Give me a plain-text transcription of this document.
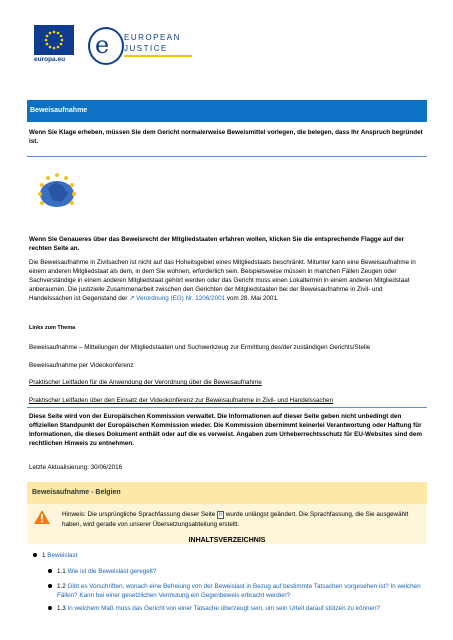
europa.eu
e EUROPEAN
JUSTICE
Beweisaufnahme
Wenn Sie Klage erheben, müssen Sie dem Gericht normalerweise Beweismittel vorlegen, die belegen, dass Ihr Anspruch begründet ist.
Wenn Sie Genaueres über das Beweisrecht der Mitgliedstaaten erfahren wollen, klicken Sie die entsprechende Flagge auf der rechten Seite an.
Die Beweisaufnahme in Zivilsachen ist nicht auf das Hoheitsgebiet eines Mitgliedstaats beschränkt. Mitunter kann eine Beweisaufnahme in einem anderen Mitgliedstaat als dem, in dem Sie wohnen, erforderlich sein. Beispielsweise müssen in manchen Fällen Zeugen oder Sachverständige in einem anderen Mitgliedstaat gehört werden oder das Gericht muss einen Lokaltermin in einem anderen Mitgliedstaat anberaumen. Die justizielle Zusammenarbeit zwischen den Gerichten der Mitgliedstaaten bei der Beweisaufnahme in Zivil- und Handelssachen ist Gegenstand der ↗ Verordnung (EG) Nr. 1206/2001 vom 28. Mai 2001.
Links zum Thema
Beweisaufnahme – Mitteilungen der Mitgliedstaaten und Suchwerkzeug zur Ermittlung des/der zuständigen Gerichts/Stelle
Beweisaufnahme per Videokonferenz
Praktischer Leitfaden für die Anwendung der Verordnung über die Beweisaufnahme
Praktischer Leitfaden über den Einsatz der Videokonferenz zur Beweisaufnahme in Zivil- und Handelssachen
Diese Seite wird von der Europäischen Kommission verwaltet. Die Informationen auf dieser Seite geben nicht unbedingt den offiziellen Standpunkt der Europäischen Kommission wieder. Die Kommission übernimmt keinerlei Verantwortung oder Haftung für Informationen, die dieses Dokument enthält oder auf die es verweist. Angaben zum Urheberrechtsschutz für EU-Websites sind dem rechtlichen Hinweis zu entnehmen.
Letzte Aktualisierung: 30/06/2016
Beweisaufnahme - Belgien
Hinweis: Die ursprüngliche Sprachfassung dieser Seite fr wurde unlängst geändert. Die Sprachfassung, die Sie ausgewählt haben, wird gerade von unserer Übersetzungsabteilung erstellt.
INHALTSVERZEICHNIS
1 Beweislast
1.1 Wie ist die Beweislast geregelt?
1.2 Gibt es Vorschriften, wonach eine Befreiung von der Beweislast in Bezug auf bestimmte Tatsachen vorgesehen ist? In welchen Fällen? Kann bei einer gesetzlichen Vermutung ein Gegenbeweis erbracht werden?
1.3 In welchem Maß muss das Gericht von einer Tatsache überzeugt sein, um sein Urteil darauf stützen zu können?
